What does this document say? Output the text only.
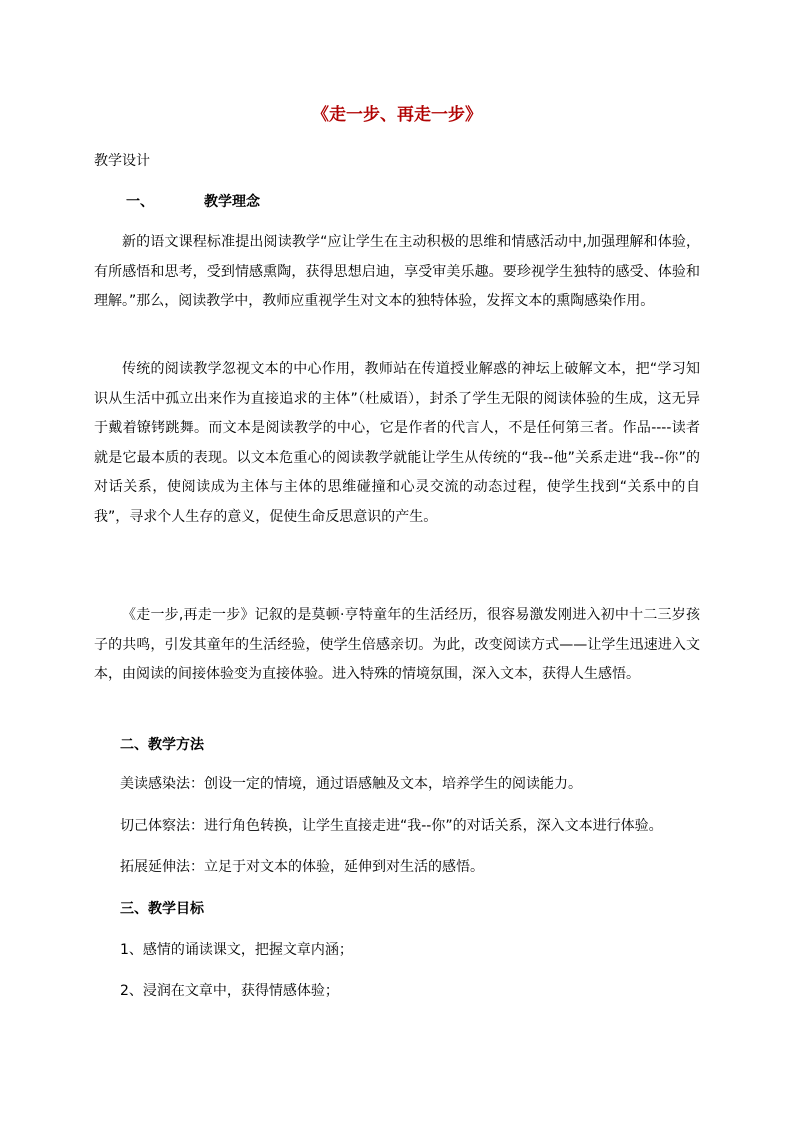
《走一步、再走一步》
教学设计
一、	教学理念
新的语文课程标准提出阅读教学“应让学生在主动积极的思维和情感活动中,加强理解和体验，有所感悟和思考，受到情感熏陶，获得思想启迪，享受审美乐趣。要珍视学生独特的感受、体验和理解。”那么，阅读教学中，教师应重视学生对文本的独特体验，发挥文本的熏陶感染作用。
传统的阅读教学忽视文本的中心作用，教师站在传道授业解惑的神坛上破解文本，把“学习知识从生活中孤立出来作为直接追求的主体”（杜威语），封杀了学生无限的阅读体验的生成，这无异于戴着镣铐跳舞。而文本是阅读教学的中心，它是作者的代言人，不是任何第三者。作品----读者就是它最本质的表现。以文本危重心的阅读教学就能让学生从传统的“我--他”关系走进“我--你”的对话关系，使阅读成为主体与主体的思维碰撞和心灵交流的动态过程，使学生找到“关系中的自我”，寻求个人生存的意义，促使生命反思意识的产生。
《走一步,再走一步》记叙的是莫顿·亨特童年的生活经历，很容易激发刚进入初中十二三岁孩子的共鸣，引发其童年的生活经验，使学生倍感亲切。为此，改变阅读方式——让学生迅速进入文本，由阅读的间接体验变为直接体验。进入特殊的情境氛围，深入文本，获得人生感悟。
二、教学方法
美读感染法：创设一定的情境，通过语感触及文本，培养学生的阅读能力。
切己体察法：进行角色转换，让学生直接走进“我--你”的对话关系，深入文本进行体验。
拓展延伸法：立足于对文本的体验，延伸到对生活的感悟。
三、教学目标
1、感情的诵读课文，把握文章内涵；
2、浸润在文章中，获得情感体验；
